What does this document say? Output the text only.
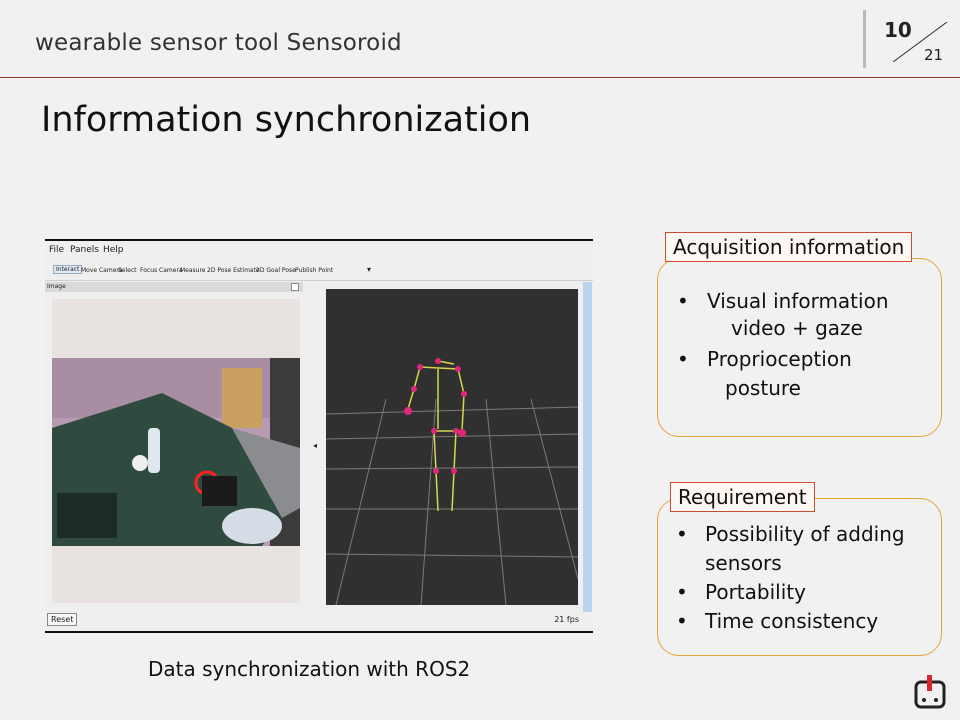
wearable sensor tool Sensoroid	10
21
Information synchronization
File Panels Help
Interact Move Camera
Select Focus Camera
Measure 2D Pose Estimate
2D Goal Pose Publish Point	▾
Image
◂
Reset	21 fps
Data synchronization with ROS2
Acquisition information
• Visual information
video + gaze
• Proprioception
posture
Requirement
• Possibility of adding
sensors
• Portability
• Time consistency
